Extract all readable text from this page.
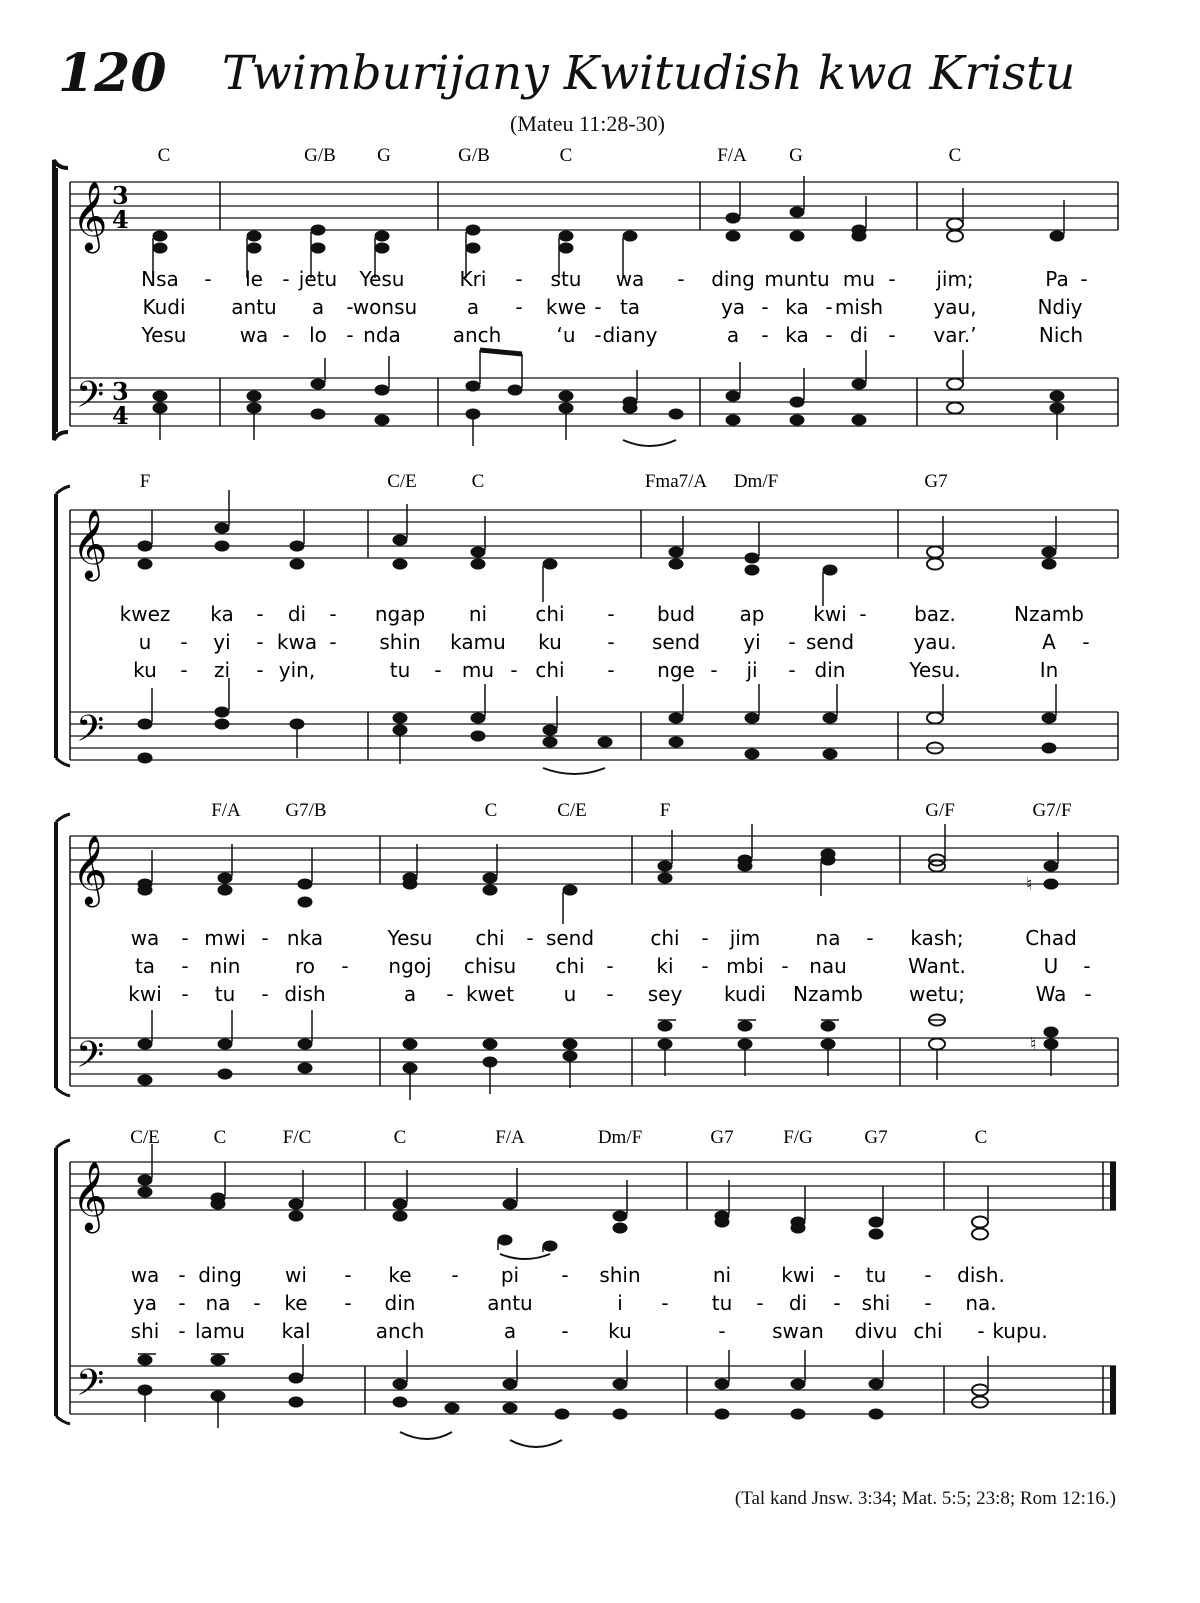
120 Twimburijany Kwitudish kwa Kristu
(Mateu 11:28-30)
𝄞
𝄢
3
4
3
4
𝄞
𝄢
𝄞
𝄢
♮
♮
𝄞
𝄢
C	G/B G	G/B	C	F/A G	C
F	C/E	C	Fma7/A Dm/F	G7
F/A G7/B	C	C/E	F	G/F	G7/F
C/E	C	F/C	C	F/A	Dm/F	G7	F/G	G7	C
Nsa - le - jetu Yesu	Kri - stu wa - ding muntu mu - jim;	Pa -
Kudi antu a - wonsu a - kwe - ta	ya - ka - mish	yau,	Ndiy
Yesu	wa - lo - nda	anch	‘u - diany	a - ka - di - var.’	Nich
kwez ka - di - ngap ni chi - bud ap kwi - baz.	Nzamb
u - yi - kwa - shin kamu ku - send yi - send	yau.	A -
ku - zi - yin,	tu - mu - chi - nge - ji - din	Yesu.	In
wa - mwi - nka	Yesu chi - send	chi - jim	na - kash;	Chad
ta - nin	ro - ngoj chisu chi - ki - mbi - nau	Want.	U -
kwi - tu - dish	a - kwet u - sey kudi Nzamb wetu;	Wa -
wa - ding wi - ke - pi - shin	ni	kwi - tu - dish.
ya - na - ke - din	antu	i - tu - di - shi - na.
shi - lamu kal	anch	a - ku	- swan divu chi - kupu.
(Tal kand Jnsw. 3:34; Mat. 5:5; 23:8; Rom 12:16.)
